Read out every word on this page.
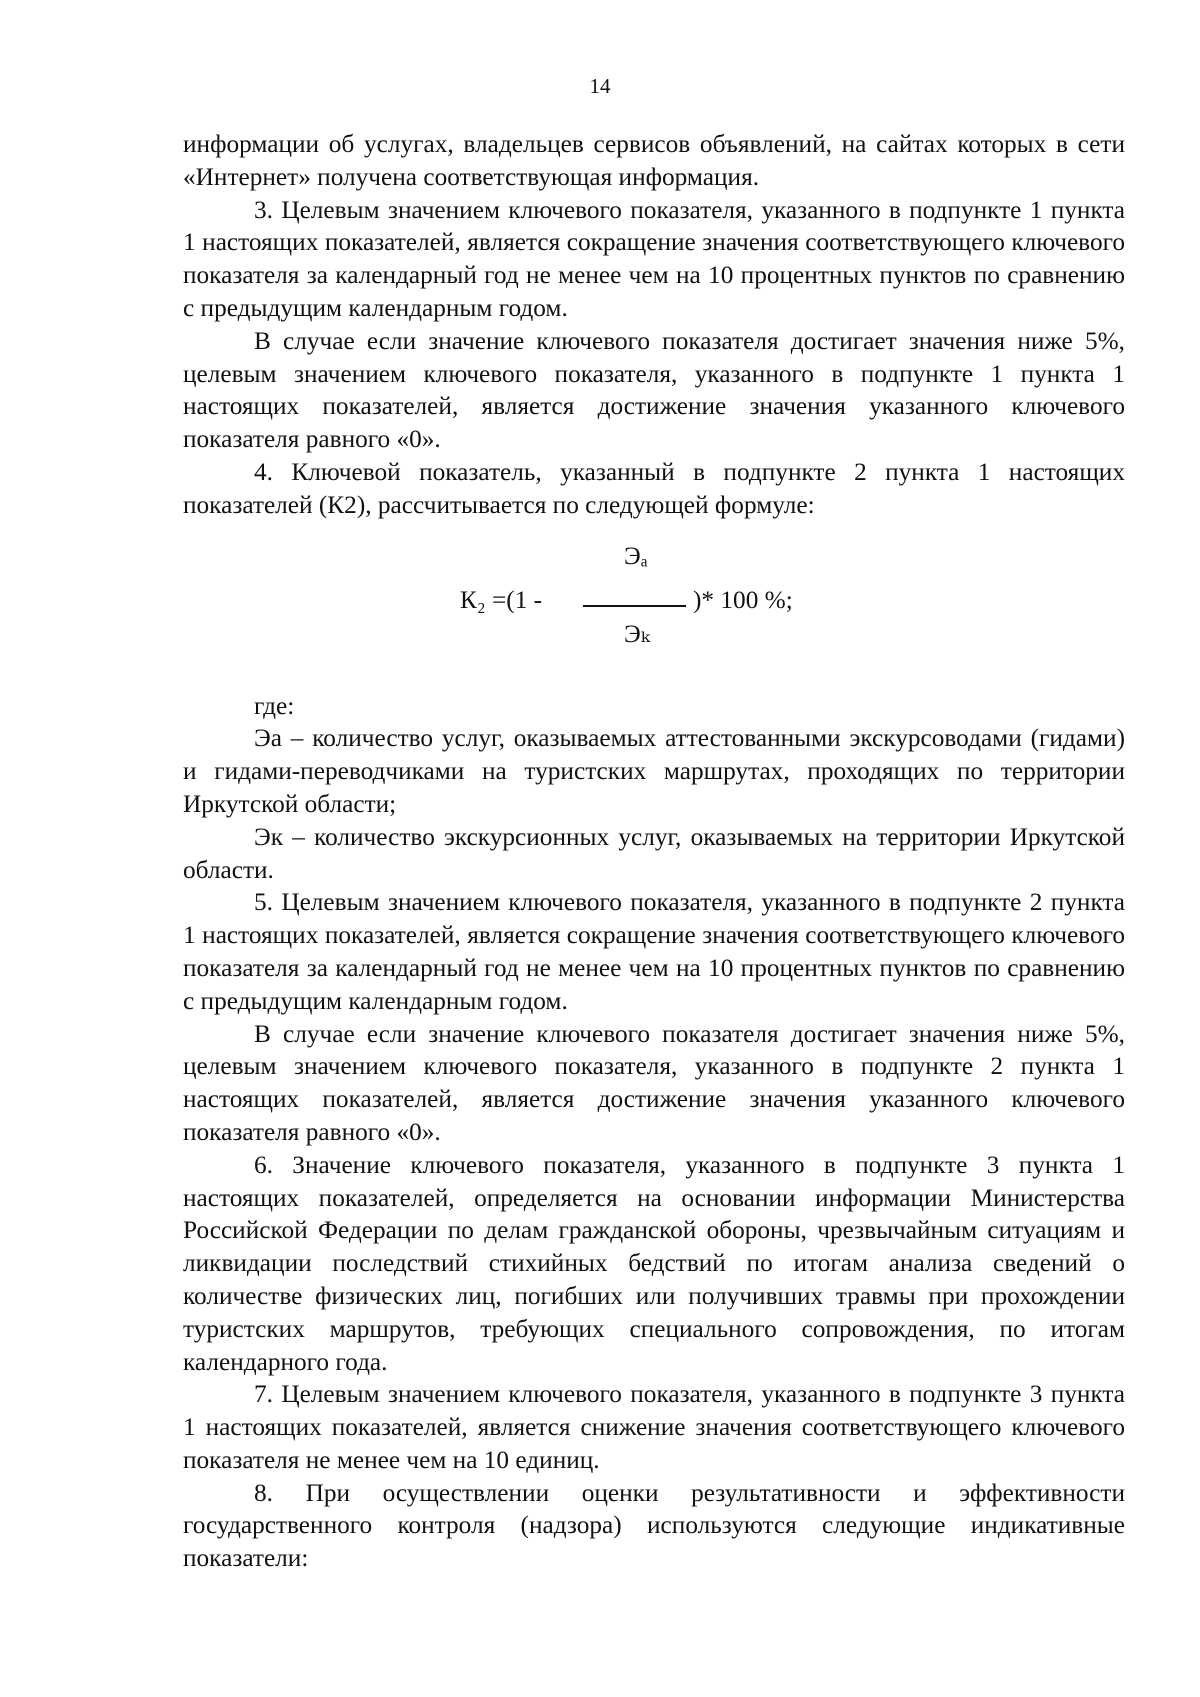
14

информации об услугах, владельцев сервисов объявлений, на сайтах которых в сети «Интернет» получена соответствующая информация.

3. Целевым значением ключевого показателя, указанного в подпункте 1 пункта 1 настоящих показателей, является сокращение значения соответствующего ключевого показателя за календарный год не менее чем на 10 процентных пунктов по сравнению с предыдущим календарным годом.

В случае если значение ключевого показателя достигает значения ниже 5%, целевым значением ключевого показателя, указанного в подпункте 1 пункта 1 настоящих показателей, является достижение значения указанного ключевого показателя равного «0».

4. Ключевой показатель, указанный в подпункте 2 пункта 1 настоящих показателей (К2), рассчитывается по следующей формуле:

К₂ =(1 -
Эₐ
Эₖ
)* 100 %;

где:

Эа – количество услуг, оказываемых аттестованными экскурсоводами (гидами) и гидами-переводчиками на туристских маршрутах, проходящих по территории Иркутской области;

Эк – количество экскурсионных услуг, оказываемых на территории Иркутской области.

5. Целевым значением ключевого показателя, указанного в подпункте 2 пункта 1 настоящих показателей, является сокращение значения соответствующего ключевого показателя за календарный год не менее чем на 10 процентных пунктов по сравнению с предыдущим календарным годом.

В случае если значение ключевого показателя достигает значения ниже 5%, целевым значением ключевого показателя, указанного в подпункте 2 пункта 1 настоящих показателей, является достижение значения указанного ключевого показателя равного «0».

6. Значение ключевого показателя, указанного в подпункте 3 пункта 1 настоящих показателей, определяется на основании информации Министерства Российской Федерации по делам гражданской обороны, чрезвычайным ситуациям и ликвидации последствий стихийных бедствий по итогам анализа сведений о количестве физических лиц, погибших или получивших травмы при прохождении туристских маршрутов, требующих специального сопровождения, по итогам календарного года.

7. Целевым значением ключевого показателя, указанного в подпункте 3 пункта 1 настоящих показателей, является снижение значения соответствующего ключевого показателя не менее чем на 10 единиц.

8. При осуществлении оценки результативности и эффективности государственного контроля (надзора) используются следующие индикативные показатели:
